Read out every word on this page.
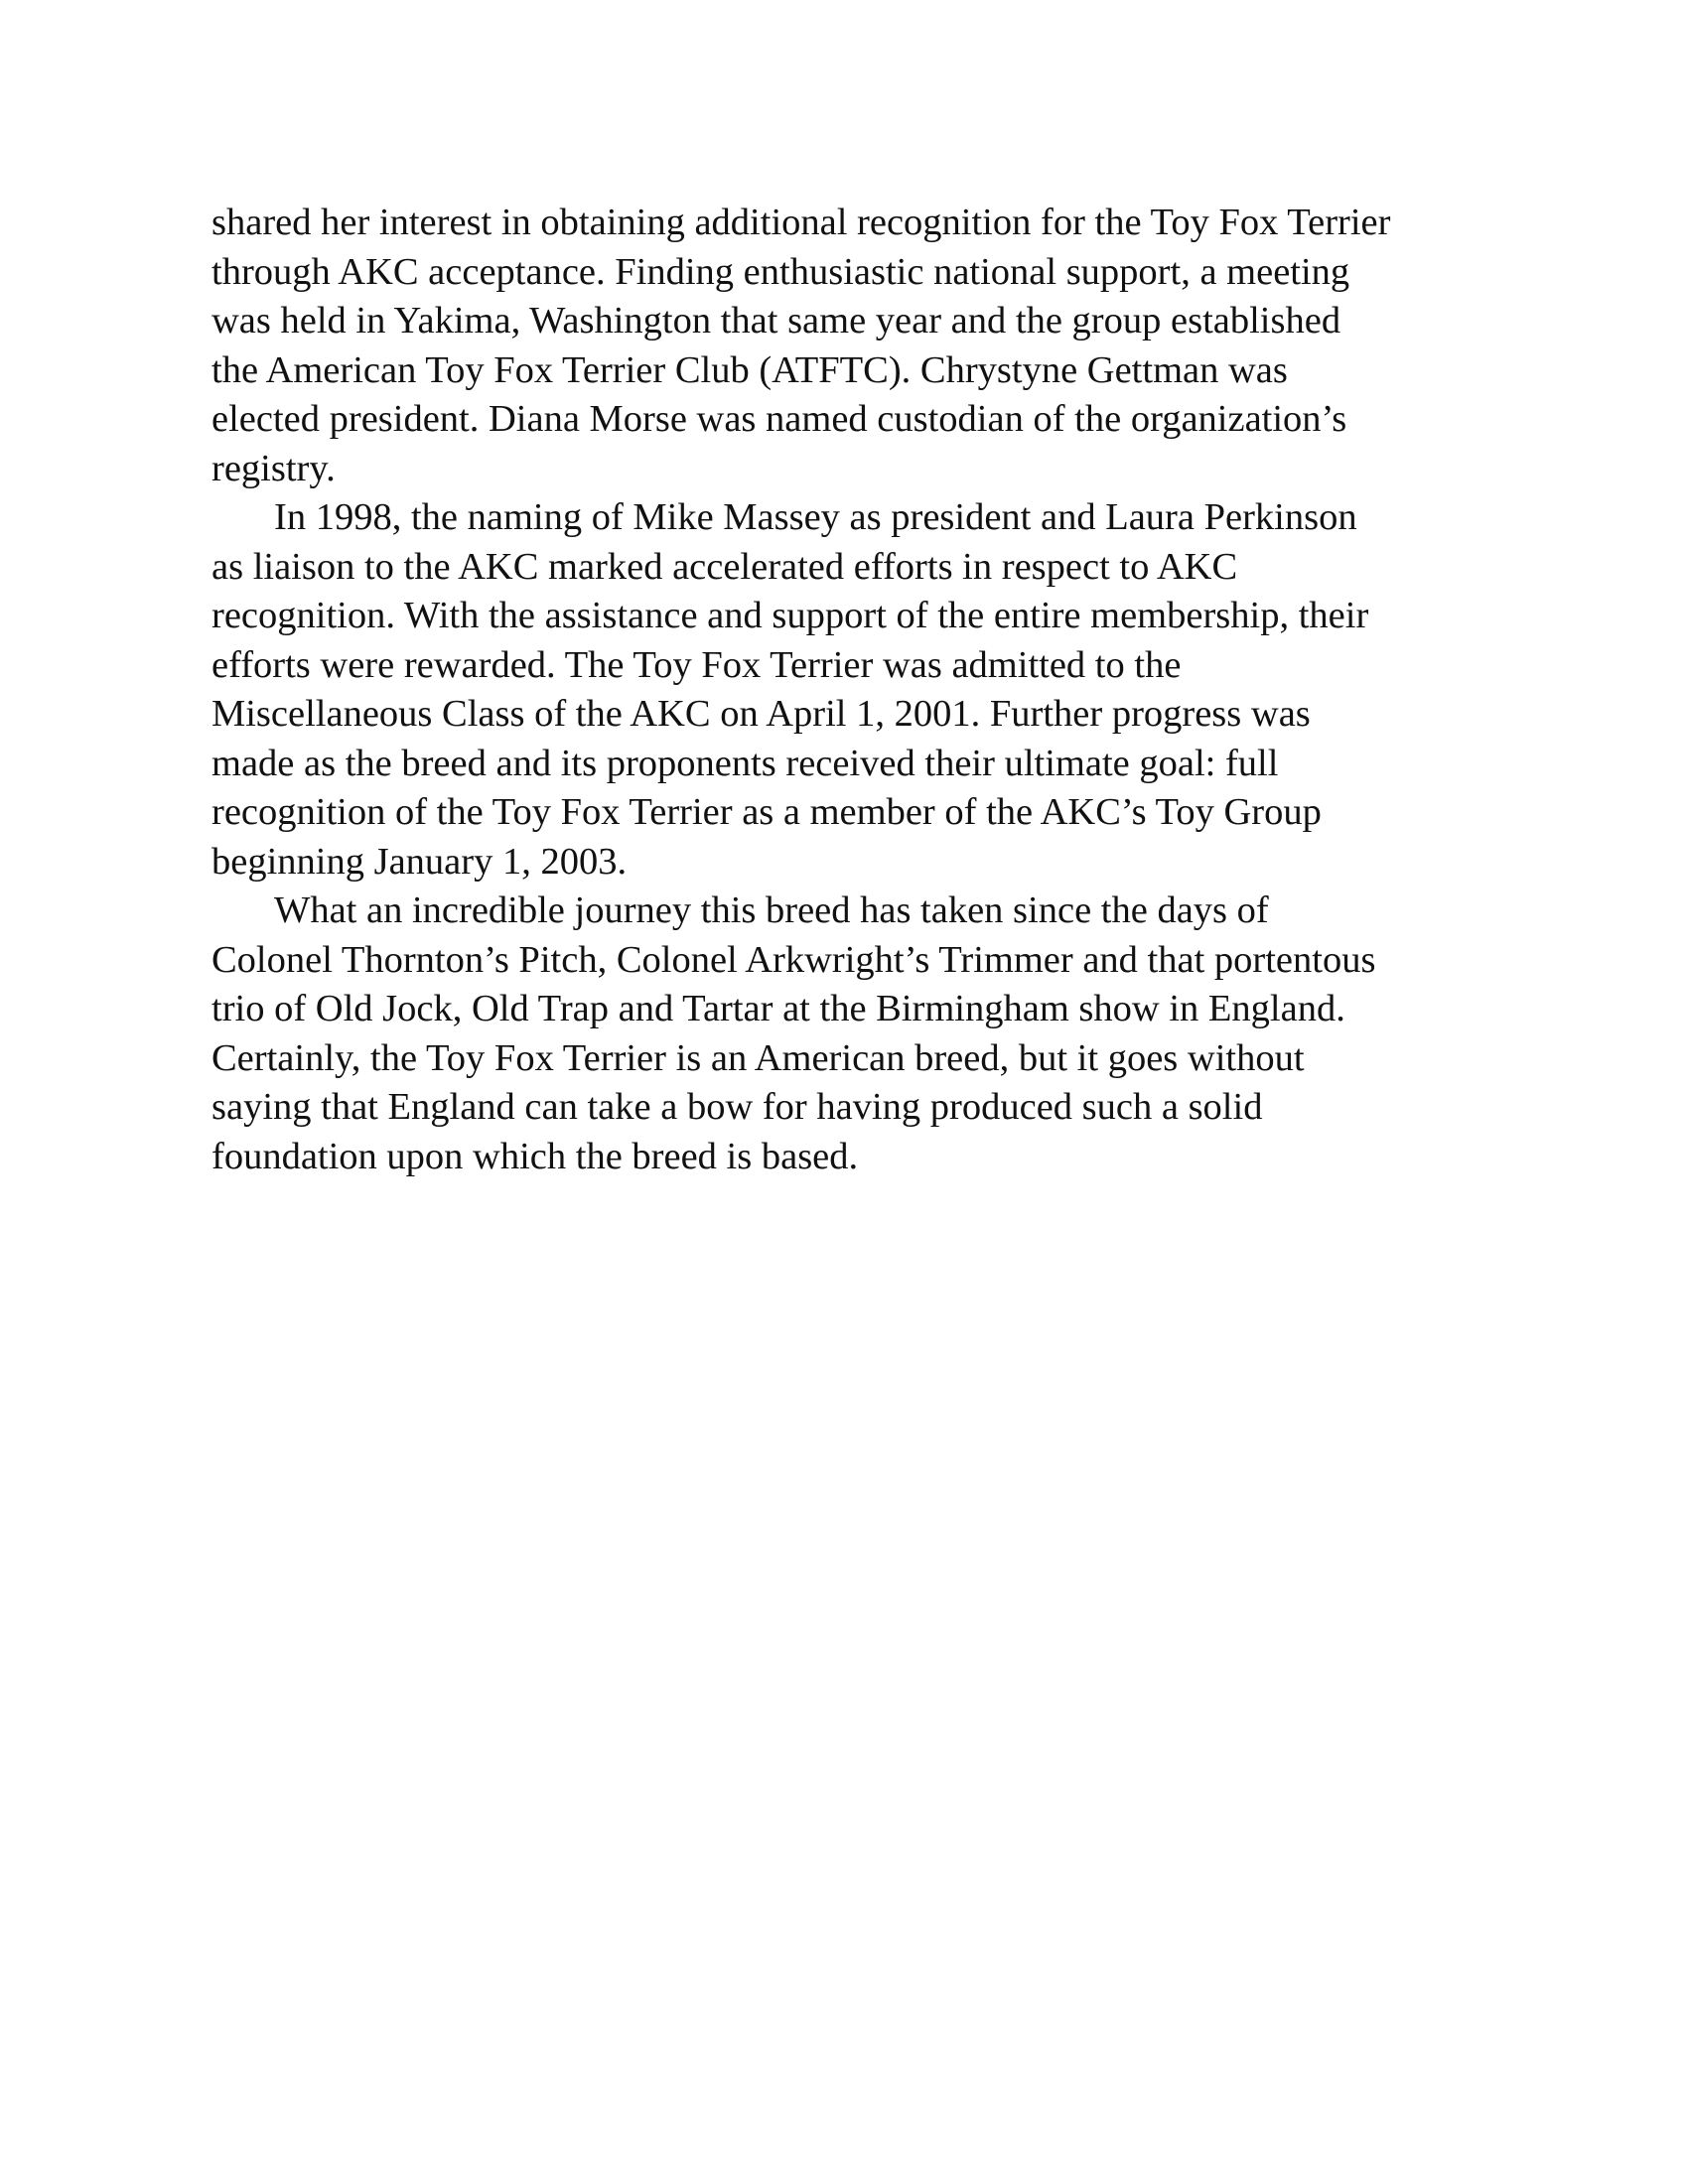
shared her interest in obtaining additional recognition for the Toy Fox Terrier
through AKC acceptance. Finding enthusiastic national support, a meeting
was held in Yakima, Washington that same year and the group established
the American Toy Fox Terrier Club (ATFTC). Chrystyne Gettman was
elected president. Diana Morse was named custodian of the organization’s
registry.

In 1998, the naming of Mike Massey as president and Laura Perkinson
as liaison to the AKC marked accelerated efforts in respect to AKC
recognition. With the assistance and support of the entire membership, their
efforts were rewarded. The Toy Fox Terrier was admitted to the
Miscellaneous Class of the AKC on April 1, 2001. Further progress was
made as the breed and its proponents received their ultimate goal: full
recognition of the Toy Fox Terrier as a member of the AKC’s Toy Group
beginning January 1, 2003.

What an incredible journey this breed has taken since the days of
Colonel Thornton’s Pitch, Colonel Arkwright’s Trimmer and that portentous
trio of Old Jock, Old Trap and Tartar at the Birmingham show in England.
Certainly, the Toy Fox Terrier is an American breed, but it goes without
saying that England can take a bow for having produced such a solid
foundation upon which the breed is based.
